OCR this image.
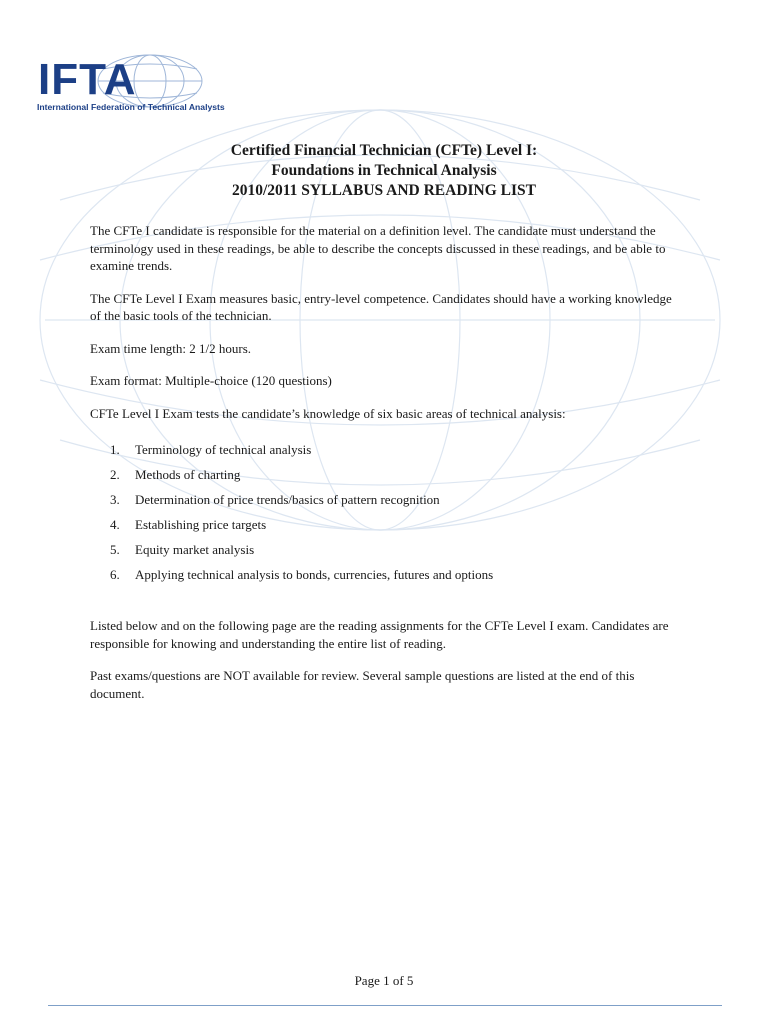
IFTA
International Federation of Technical Analysts
Certified Financial Technician (CFTe) Level I:
Foundations in Technical Analysis
2010/2011 SYLLABUS AND READING LIST

The CFTe I candidate is responsible for the material on a definition level. The candidate must understand the terminology used in these readings, be able to describe the concepts discussed in these readings, and be able to examine trends.

The CFTe Level I Exam measures basic, entry-level competence. Candidates should have a working knowledge of the basic tools of the technician.

Exam time length: 2 1/2 hours.

Exam format: Multiple-choice (120 questions)

CFTe Level I Exam tests the candidate’s knowledge of six basic areas of technical analysis:

1.	Terminology of technical analysis
2.	Methods of charting
3.	Determination of price trends/basics of pattern recognition
4.	Establishing price targets
5.	Equity market analysis
6.	Applying technical analysis to bonds, currencies, futures and options

Listed below and on the following page are the reading assignments for the CFTe Level I exam. Candidates are responsible for knowing and understanding the entire list of reading.

Past exams/questions are NOT available for review. Several sample questions are listed at the end of this document.

Page 1 of 5
